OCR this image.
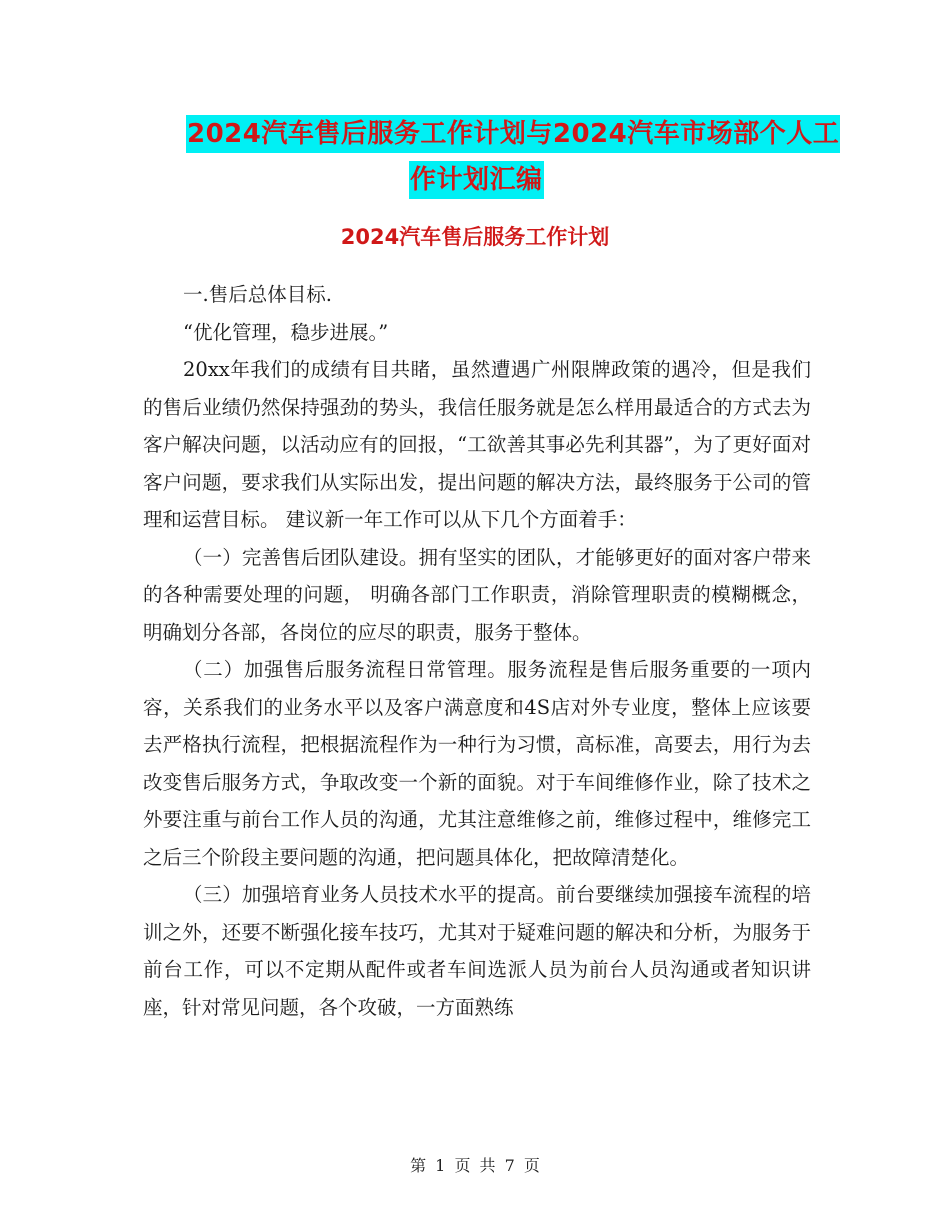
2024汽车售后服务工作计划与2024汽车市场部个人工
作计划汇编
2024汽车售后服务工作计划

一.售后总体目标.

“优化管理，稳步进展。”

20xx年我们的成绩有目共睹，虽然遭遇广州限牌政策的遇冷，但是我们的售后业绩仍然保持强劲的势头，我信任服务就是怎么样用最适合的方式去为客户解决问题，以活动应有的回报，“工欲善其事必先利其器”，为了更好面对客户问题，要求我们从实际出发，提出问题的解决方法，最终服务于公司的管理和运营目标。 建议新一年工作可以从下几个方面着手：

（一）完善售后团队建设。拥有坚实的团队，才能够更好的面对客户带来的各种需要处理的问题， 明确各部门工作职责，消除管理职责的模糊概念，明确划分各部，各岗位的应尽的职责，服务于整体。

（二）加强售后服务流程日常管理。服务流程是售后服务重要的一项内容，关系我们的业务水平以及客户满意度和4S店对外专业度，整体上应该要去严格执行流程，把根据流程作为一种行为习惯，高标准，高要去，用行为去改变售后服务方式，争取改变一个新的面貌。对于车间维修作业，除了技术之外要注重与前台工作人员的沟通，尤其注意维修之前，维修过程中，维修完工之后三个阶段主要问题的沟通，把问题具体化，把故障清楚化。

（三）加强培育业务人员技术水平的提高。前台要继续加强接车流程的培训之外，还要不断强化接车技巧，尤其对于疑难问题的解决和分析，为服务于前台工作，可以不定期从配件或者车间选派人员为前台人员沟通或者知识讲座，针对常见问题，各个攻破，一方面熟练

第 1 页 共 7 页
